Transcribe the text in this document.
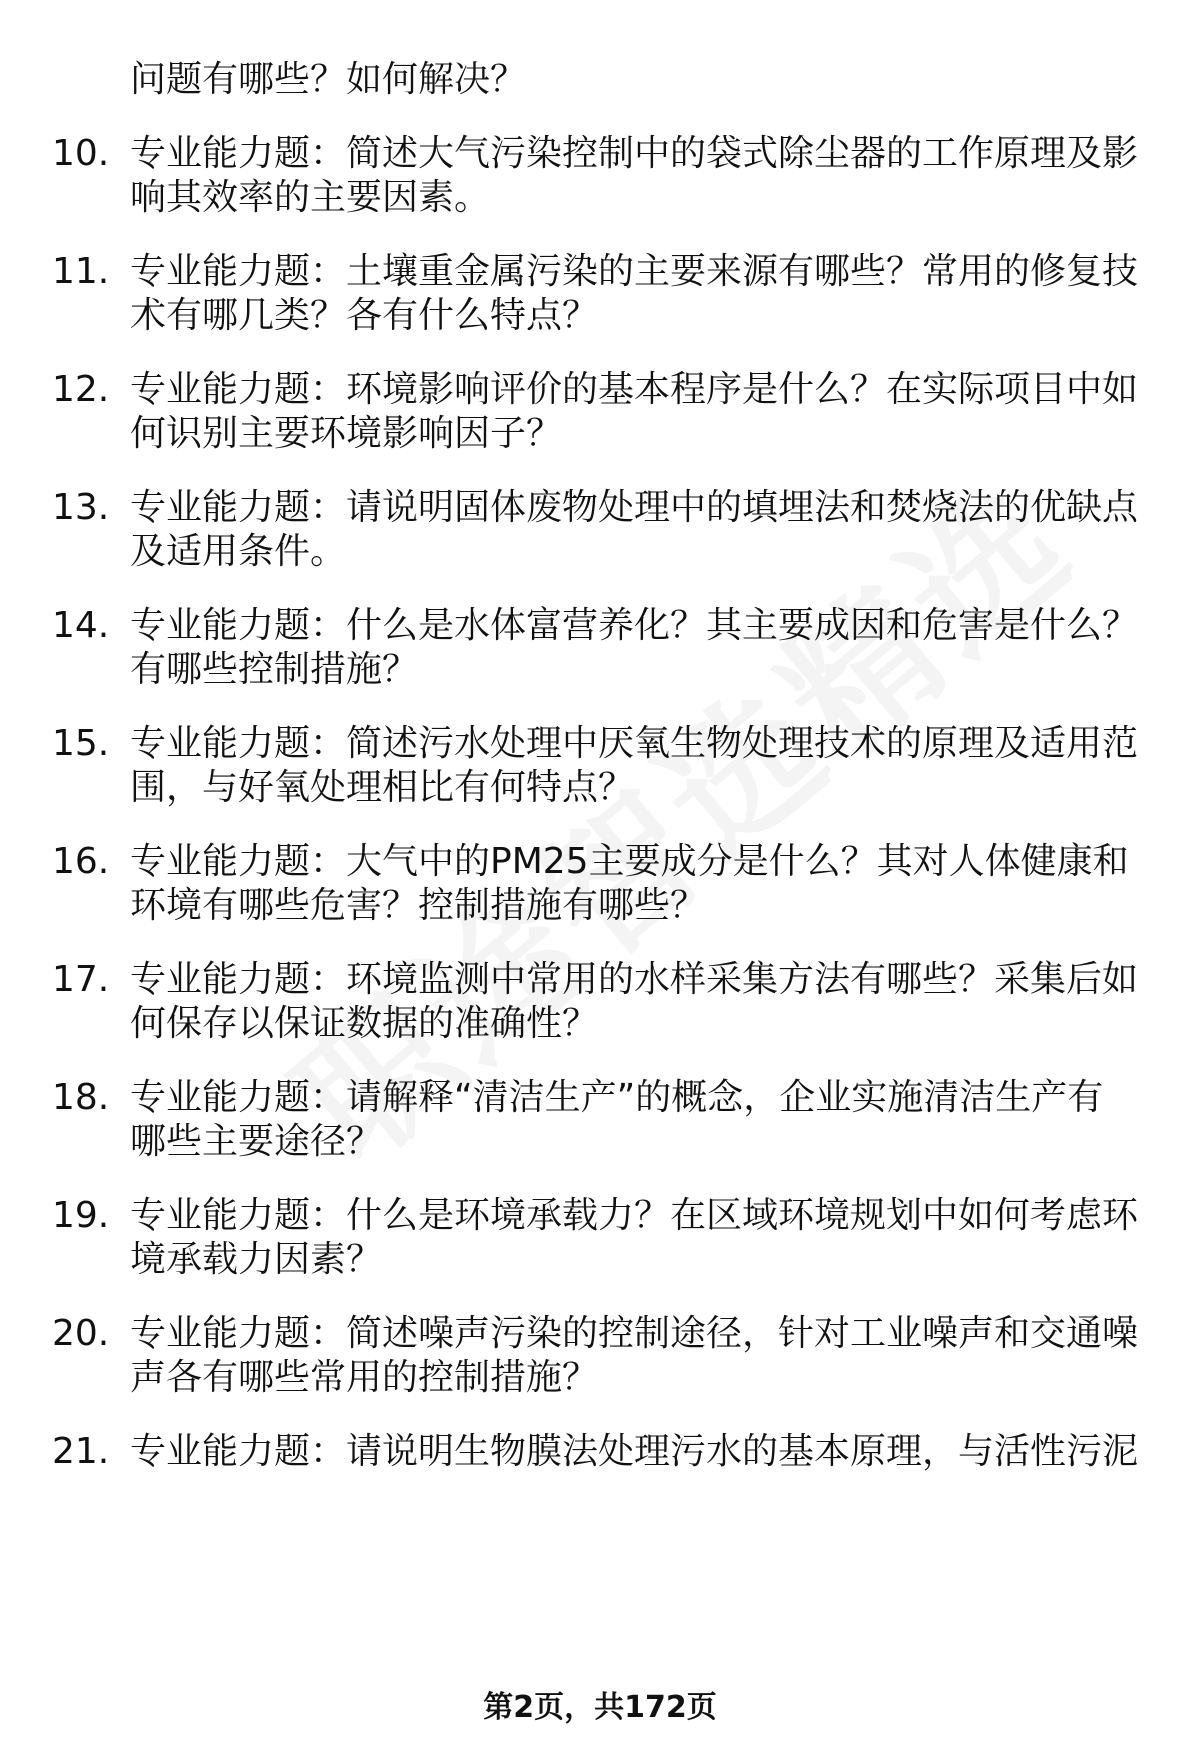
问题有哪些？如何解决？
10. 专业能力题：简述大气污染控制中的袋式除尘器的工作原理及影
响其效率的主要因素。
11. 专业能力题：土壤重金属污染的主要来源有哪些？常用的修复技
术有哪几类？各有什么特点？
12. 专业能力题：环境影响评价的基本程序是什么？在实际项目中如
何识别主要环境影响因子？
13. 专业能力题：请说明固体废物处理中的填埋法和焚烧法的优缺点
及适用条件。
14. 专业能力题：什么是水体富营养化？其主要成因和危害是什么？
有哪些控制措施？
15. 专业能力题：简述污水处理中厌氧生物处理技术的原理及适用范
围，与好氧处理相比有何特点？
16. 专业能力题：大气中的PM25主要成分是什么？其对人体健康和
环境有哪些危害？控制措施有哪些？
17. 专业能力题：环境监测中常用的水样采集方法有哪些？采集后如
何保存以保证数据的准确性？
18. 专业能力题：请解释“清洁生产”的概念，企业实施清洁生产有
哪些主要途径？
19. 专业能力题：什么是环境承载力？在区域环境规划中如何考虑环
境承载力因素？
20. 专业能力题：简述噪声污染的控制途径，针对工业噪声和交通噪
声各有哪些常用的控制措施？
21. 专业能力题：请说明生物膜法处理污水的基本原理，与活性污泥
第2页，共172页
